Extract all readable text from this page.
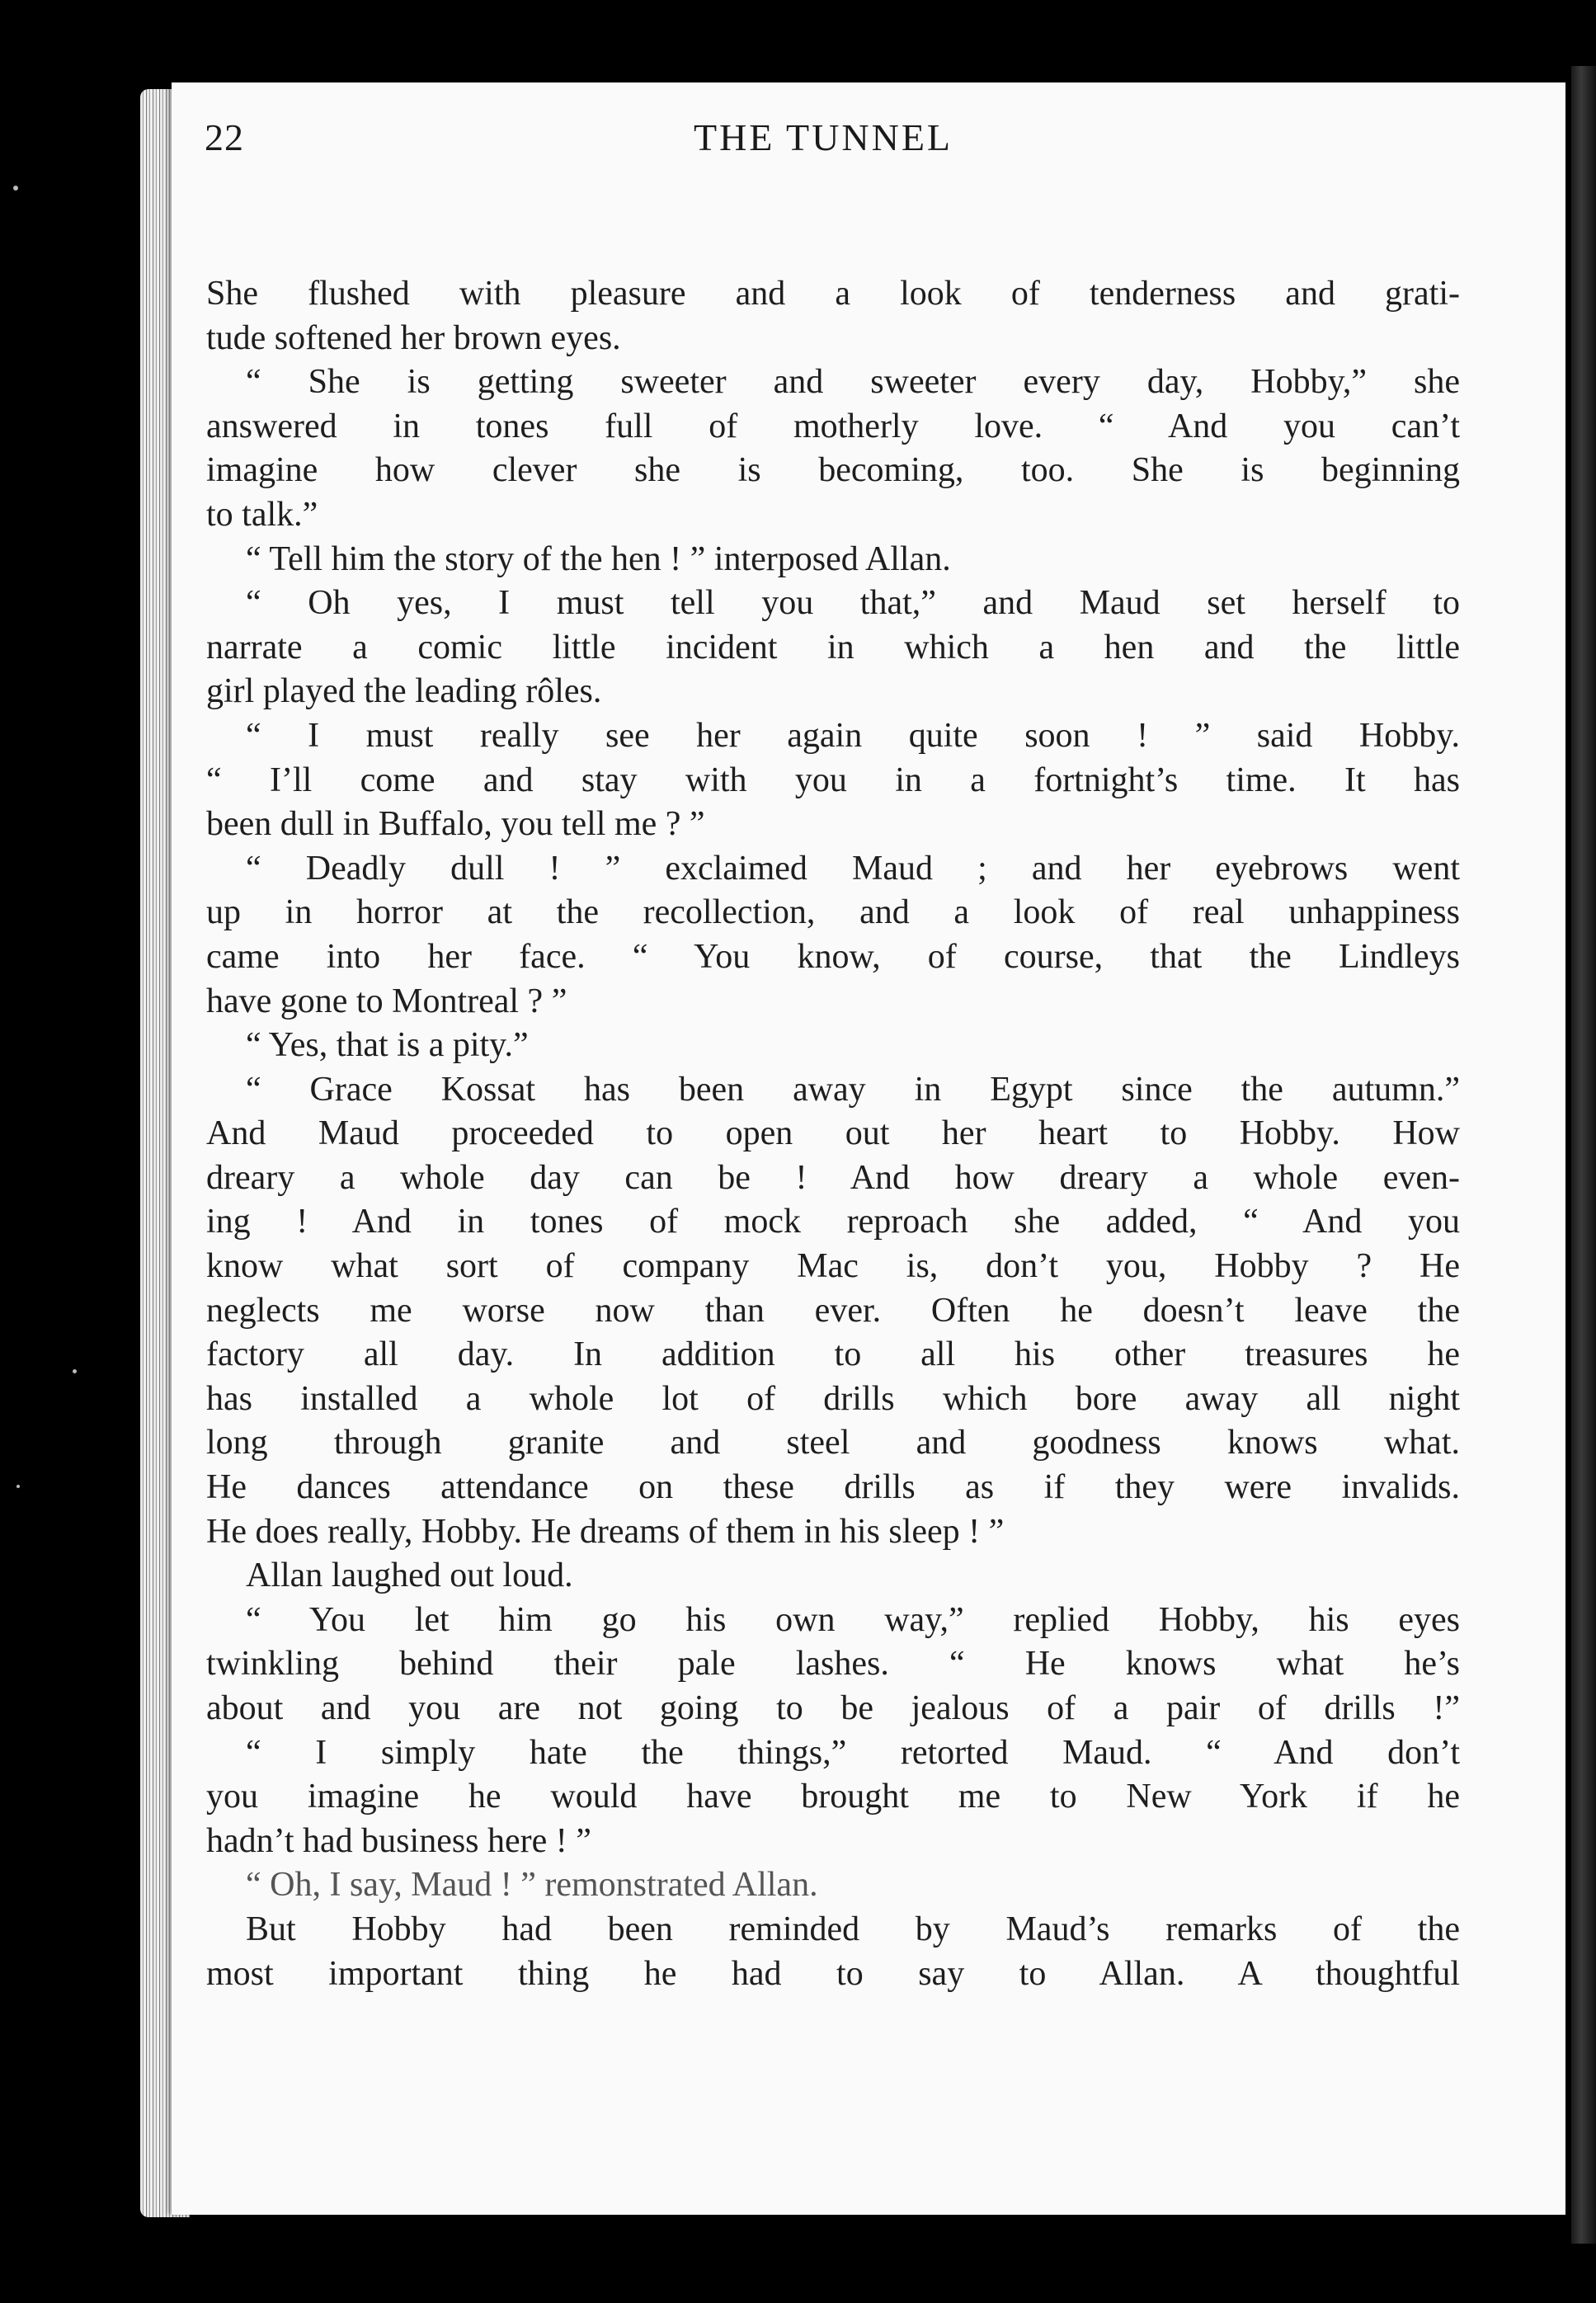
THE TUNNEL
22
She flushed with pleasure and a look of tenderness and grati-
tude softened her brown eyes.
“ She is getting sweeter and sweeter every day, Hobby,” she
answered in tones full of motherly love. “ And you can’t
imagine how clever she is becoming, too. She is beginning
to talk.”
“ Tell him the story of the hen ! ” interposed Allan.
“ Oh yes, I must tell you that,” and Maud set herself to
narrate a comic little incident in which a hen and the little
girl played the leading rôles.
“ I must really see her again quite soon ! ” said Hobby.
“ I’ll come and stay with you in a fortnight’s time. It has
been dull in Buffalo, you tell me ? ”
“ Deadly dull ! ” exclaimed Maud ; and her eyebrows went
up in horror at the recollection, and a look of real unhappiness
came into her face. “ You know, of course, that the Lindleys
have gone to Montreal ? ”
“ Yes, that is a pity.”
“ Grace Kossat has been away in Egypt since the autumn.”
And Maud proceeded to open out her heart to Hobby. How
dreary a whole day can be ! And how dreary a whole even-
ing ! And in tones of mock reproach she added, “ And you
know what sort of company Mac is, don’t you, Hobby ? He
neglects me worse now than ever. Often he doesn’t leave the
factory all day. In addition to all his other treasures he
has installed a whole lot of drills which bore away all night
long through granite and steel and goodness knows what.
He dances attendance on these drills as if they were invalids.
He does really, Hobby. He dreams of them in his sleep ! ”
Allan laughed out loud.
“ You let him go his own way,” replied Hobby, his eyes
twinkling behind their pale lashes. “ He knows what he’s
about and you are not going to be jealous of a pair of drills !”
“ I simply hate the things,” retorted Maud. “ And don’t
you imagine he would have brought me to New York if he
hadn’t had business here ! ”
“ Oh, I say, Maud ! ” remonstrated Allan.
But Hobby had been reminded by Maud’s remarks of the
most important thing he had to say to Allan. A thoughtful
